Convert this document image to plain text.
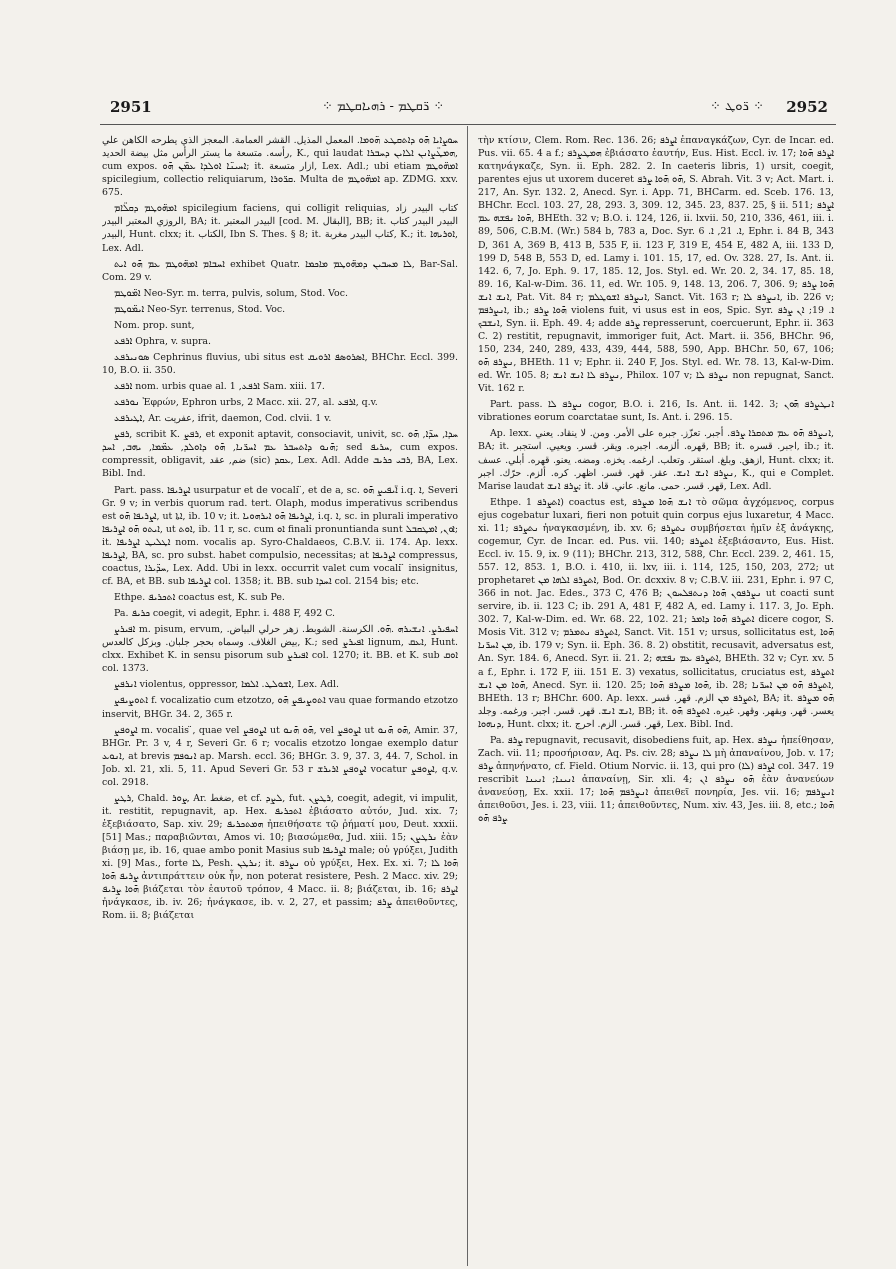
2951	⁘ ܪ̈ܩܛܡ - ܪܗܝܐܩܛܡ ⁘	⁘ ܪ̈ܘܛ ⁘ 2952

ܚܘܨܐܝܐ ܗ̄ܘ ܕܐܬܩܛܥ ܗ̈ܘܡܐ. المعمل المذيل. القشر العمامة. المعجز الذي يطرحه الكاهن علي رأسه. متسعة ما يستر الرأس مثل بيضة الحديد, K., qui laudat ܗܡܛ̈ܨܐܢܢ ܐܠܐܝܢ ܕܚܒܪܐ, cum expos. ܐܚܝܢ̈ܐ ܐܘܠܕܐ ܥܡ̈ܢ ܗ̄ܘ; it. ازار متسعة, Lex. Adl.; ubi etiam ܐܡܗ̈ܘܛܡ spicilegium, collectio reliquiarum, ܩܪ̈ܘܪܐ. Multa de ܐܡܗ̈ܘܛܡ ap. ZDMG. xxv. 675.

ܐܡܗ̈ܘܛܡ ܕܩܠ̈ܐܡ spicilegium faciens, qui colligit reliquias, كتاب البيدر زاد الروزي المعتبر البيدر, BA; it. البيدر المعتبر [cod. M. البقال], BB; it. البيدر البيدر كتاب البيدر, Hunt. clxx; it. الكتاب, Ibn S. Thes. § 8; it. كتاب البيدر مغربة, K.; it. ܐܘܪܝܗܐ, Lex. Adl.

ܐܚܒܐܡ ܐܡܗ̈ܘܛܡ ܥܡ ܗ̄ܘ ܐܝܬ exhibet Quatr. ܠܐ ܡܚܒܝܢ ܕܡܗ̈ܘܛܡ ܡܐܟܡܐ, Bar-Sal. Com. 29 v.

ܐܡ̈ܘܛܡ Neo-Syr. m. terra, pulvis, solum, Stod. Voc.

ܐܝܡ̈ܘܛܡ Neo-Syr. terrenus, Stod. Voc.

Nom. prop. sunt,

ܐܪܦܥ Ophra, v. supra.

ܣܘܢܝܪܦܥ Cephrinus fluvius, ubi situs est ܐܣܪܘܣܦ ܐܪܘܝܩ, BHChr. Eccl. 399. 10, B.O. ii. 350.

ܐܪܦܥ nom. urbis quae al. ܐܪܦܥ, 1 Sam. xiii. 17.

ܢܘܪܦܥ Ἐφρών, Ephron urbs, 2 Macc. xii. 27, al. ܐܪܦܥ, q.v.

ܐܛܝܪܦܥ, Ar. عفريت, ifrit, daemon, Cod. clvii. 1 v.

ܪܦܨ, scribit K. ܪܦܨ, et exponit aptavit, consociavit, univit, sc. ܚܕܐ, ܚܕ̈ܐ, ܗ̄ܘ ܗ̄ܢܘ ܕܐܬܚܒܪ ܥܡ ܐܚܪ̈ܢܐ, ܗ̄ܘ ܕܐܘܠܕ, ܥܡ̈ܡܐ, ܝܗܒ, ܐܚܕ; sed ܚܪܝܦ, cum expos. compressit, obligavit, ضم, عقد (sic) ܥܩܕ, Lex. Adl. Adde ܪܒܝ ܟܪܝܒ, BA, Lex. Bibl. Ind.

Part. pass. ܐܨܪܝܦܐ usurpatur et de vocali ̈, et de a, sc. ܐ̈ܝܦܝܨ ܗ̄ܘ i.q. ܐ, Severi Gr. 9 v; in verbis quorum rad. tert. Olaph, modus imperativus scribendus est ܐܨܪܝܦܐ ܗ̄ܘ, ut ܐܬܐ, ib. 10 v; it. ܐܨܪܝܦܐ ܗ̄ܘ ܐܝܪܗܘܝܐ, i.q. ܐ, sc. in plurali imperativo ܐܝܬܘ ܗ̄ܘ ܐܨܪܝܦܐ, ut ܐܘܬ, ib. 11 r, sc. cum ܐܘ finali pronuntianda sunt ܐܘܢ, ܐܡܛܩܒܠ; it. ܐܛܠܝܛ ܐܨܪܝܦܐ nom. vocalis ap. Syro-Chaldaeos, C.B.V. ii. 174. Ap. lexx. ܐܨܪܝܦܐ, BA, sc. pro subst. habet compulsio, necessitas; at ܐܨܪܝܦܐ compressus, coactus, ܚܕ̈ܝܪܐ, Lex. Add. Ubi in lexx. occurrit valet cum vocali ̈ insignitus, cf. BA, et BB. sub ܐܨܪܝܦܐ col. 1358; it. BB. sub ܐܚܕܐ col. 2154 bis; etc.

Ethpe. ܐܬܟܪܝܦ coactus est, K. sub Pe.

Pa. ܟܪܝܦ coegit, vi adegit, Ephr. i. 488 F, 492 C.

ܐܦܝܪܨ m. pisum, ervum, ܐܚܦܝܪܨ. ܐܢܫܝܪܗ .ܗ̄ܘ. الكرسنة. الشوبط. زهر حرلي البياض. بيض الغلاف. وسماه بحجر جلبان. وبزكل كالعدس, K.; sed ܐܦܝܪܨ lignum, ܐܥܩ, Hunt. clxx. Exhibet K. in sensu pisorum sub ܐܦܝܪܨ col. 1270; it. BB. et K. sub ܐܘܩ col. 1373.

ܐܢܪܦܨ violentus, oppressor, ܐܫܘܠܛ. ܐܠܡܐ, Lex. Adl.

ܐܬܘܨܝܦܨ f. vocalizatio cum etzotzo, ܐܬܘܨܝܦܨ ܗ̄ܘ vau quae formando etzotzo inservit, BHGr. 34. 2, 365 r.

ܐܨܘܦܨ m. vocalis ̈, quae vel ܐܨܘܦܨ ut ܗ̄ܘ ܗ̄ܢܘ, vel ܐܨܘܦܨ ut ܗ̄ܘ ܗ̄ܢܘ, Amir. 37, BHGr. Pr. 3 v, 4 r, Severi Gr. 6 r; vocalis etzotzo longae exemplo datur ܐܢܘܥ, at brevis ܐܢܘܦܡ ap. Marsh. eccl. 36; BHGr. 3. 9, 37. 3, 44. 7, Schol. in Job. xl. 21, xli. 5, 11. Apud Severi Gr. 53 r ܐܨܘܦܨ ܐܪܝܪܫ vocatur ܐܨܘܦܨ, q.v. col. 2918.

ܪܛܨ, Chald. ܨܘܪ, Ar. ضغط, et cf. ܠܨܕ, fut. ܪܛܨܢ, coegit, adegit, vi impulit, it. restitit, repugnavit, ap. Hex. ܐܬܟܪܝܦ ἐβιάσατο αὐτόν, Jud. xix. 7; ἐξεβιάσατο, Sap. xiv. 29; ܗܡܬܟܪܝܦ ἠπειθήσατε τῷ ῥήματί μου, Deut. xxxii. [51] Mas.; παραβιῶνται, Amos vi. 10; βιασώμεθα, Jud. xiii. 15; ܢܪܛܨܢ ἐὰν βιάσῃ με, ib. 16, quae ambo ponit Masius sub ܐܨܪܝܦܐ male; οὐ γρύξει, Judith xi. [9] Mas., forte ܠܐ, Pesh. ܢܪܛܢ; it. ܢܨܪܦ οὐ γρύξει, Hex. Ex. xi. 7; ܗ̄ܘܐ ܠܐ ܨܪܝܦ ܗ̄ܘܐ ἀντιπράττειν οὐκ ἦν, non poterat resistere, Pesh. 2 Macc. xiv. 29; ܗ̄ܘܐ ܨܪܝܦ βιάζεται τὸν ἑαυτοῦ τρόπον, 4 Macc. ii. 8; βιάζεται, ib. 16; ܐܨܪܦ ἠνάγκασε, ib. iv. 26; ἠνάγκασε, ib. v. 2, 27, et passim; ܨܪܦ ἀπειθοῦντες, Rom. ii. 8; βιάζεται

τὴν κτίσιν, Clem. Rom. Rec. 136. 26; ܐܨܪܦ ἐπαναγκάζων, Cyr. de Incar. ed. Pus. vii. 65. 4 a f.; ܗܡܛܨܪܦ ἐβιάσατο ἑαυτήν, Eus. Hist. Eccl. iv. 17; ܐܨܪܦ ܗ̄ܘܐ κατηνάγκαζε, Syn. ii. Eph. 282. 2. In caeteris libris, 1) ursit, coegit, parentes ejus ut uxorem duceret ܗ̄ܘ ܗ̄ܘܐ ܨܪܦ, S. Abrah. Vit. 3 v; Act. Mart. i. 217, An. Syr. 132. 2, Anecd. Syr. i. App. 71, BHCarm. ed. Sceb. 176. 13, BHChr. Eccl. 103. 27, 28, 293. 3, 309. 12, 345. 23, 837. 25, § ii. 511; ܐܨܪܦ ܗ̄ܘܐ ܢܦܫܗ ܥܡ, BHEth. 32 v; B.O. i. 124, 126, ii. lxvii. 50, 210, 336, 461, iii. i. 89, 506, C.B.M. (Wr.) 584 b, 783 a, Doc. Syr. ܐ. 21, ܐ. 6, Ephr. i. 84 B, 343 D, 361 A, 369 B, 413 B, 535 F, ii. 123 F, 319 E, 454 E, 482 A, iii. 133 D, 199 D, 548 B, 553 D, ed. Lamy i. 101. 15, 17, ed. Ov. 328. 27, Is. Ant. ii. 142. 6, 7, Jo. Eph. 9. 17, 185. 12, Jos. Styl. ed. Wr. 20. 2, 34. 17, 85. 18, 89. 16, Kal-w-Dim. 36. 11, ed. Wr. 105. 9, 148. 13, 206. 7, 306. 9; ܗ̄ܘܐ ܨܪܦ ܐܢܫ ܐܢܫ, Pat. Vit. 84 r; ܐܢܨܪܦ ܐܫܘܛܠܡ, Sanct. Vit. 163 r; ܐܢܨܪܦ ܠܐ, ib. 226 v; ܐܢܨܪܦܡ, ib.; ܗ̄ܘܐ ܨܪܦ violens fuit, vi usus est in eos, Spic. Syr. ܐ. 19; ܐܢ ܨܪܦ ܐܢܫܒܟ, Syn. ii. Eph. 49. 4; adde ܨܪܦ represserunt, coercuerunt, Ephr. ii. 363 C. 2) restitit, repugnavit, immoriger fuit, Act. Mart. ii. 356, BHChr. 96, 150, 234, 240, 289, 433, 439, 444, 588, 590, App. BHChr. 50, 67, 106; ܢܨܪܦ ܗ̄ܘ, BHEth. 11 v; Ephr. ii. 240 F, Jos. Styl. ed. Wr. 78. 13, Kal-w-Dim. ed. Wr. 105. 8; ܢܨܪܦ ܠܐ ܐܢܫ ܐܢܫ, Philox. 107 v; ܢܨܪܦ ܠܐ non repugnat, Sanct. Vit. 162 r.

Part. pass. ܢܨܪܦ ܠܐ cogor, B.O. i. 216, Is. Ant. ii. 142. 3; ܐܢܛܨܪܦ ܗ̄ܘܢ vibrationes eorum coarctatae sunt, Is. Ant. i. 296. 15.

Ap. lexx. ܐܢܨܪܦ ܗ̄ܘ ܥܡ ܡܬܩܪܐ ܨܪܦ. أجبر. تعزّز. جبره على الأمر. ومن. لا ينقاد. يعني, BA; it. قهره. ألزمه. اجبره. ويقر. قسر. ويعيي. استجبر, BB; it. اجبر. قسره, ib.; it. ازهق. وبلغ. استقر. وتعلب. ارغمه. يخزه. ومضه. يعنو. قهره. أبلي. عسف, Hunt. clxx; it. ܢܨܪܦ ܐܢܫ ܐܢܫ. عقر. قهر. قسر. اظهر. كره. ألزم. حرّك. اجبر, K., qui e Complet. Marise laudat ܨܪܦ ܐܢܫ; it. قهر. قسر. حمى. مانع. عاني. قاد, Lex. Adl.

Ethpe. ܐܬܨܪܦ 1) coactus est, ܐܢܫ ܗ̄ܘܐ ܡܨܪܦ τὸ σῶμα ἀγχόμενος, corpus ejus cogebatur luxari, fieri non potuit quin corpus ejus luxaretur, 4 Macc. xi. 11; ܢܬܨܪܦ ἠναγκασμένη, ib. xv. 6; ܢܬܨܪܦ συμβήσεται ἡμῖν ἐξ ἀνάγκης, cogemur, Cyr. de Incar. ed. Pus. vii. 140; ܐܬܨܪܦ ἐξεβιάσαντο, Eus. Hist. Eccl. iv. 15. 9, ix. 9 (11); BHChr. 213, 312, 588, Chr. Eccl. 239. 2, 461. 15, 557. 12, 853. 1, B.O. i. 410, ii. lxv, iii. i. 114, 125, 150, 203, 272; ut prophetaret ܐܬܨܪܦ ܐܠܗܐ ܡܢ, Bod. Or. dcxxiv. 8 v; C.B.V. iii. 231, Ephr. i. 97 C, 366 in not. Jac. Edes., 373 C, 476 B; ܢܨܪܦܘܢ ܗ̄ܘܐ ܕܢܬܦܠܚܘܢ ut coacti sunt servire, ib. ii. 123 C; ib. 291 A, 481 F, 482 A, ed. Lamy i. 117. 3, Jo. Eph. 302. 7, Kal-w-Dim. ed. Wr. 68. 22, 102. 21; ܐܬܨܪܦ ܗ̄ܘܐ ܕܐܡܪ dicere cogor, S. Mosis Vit. 312 v; ܐܬܨܪܦ ܢܬܡܪܡ, Sanct. Vit. 151 v; ursus, sollicitatus est, ܗ̄ܘܐ ܡܢ ܐܚܪ̈ܢܐ, ib. 179 v; Syn. ii. Eph. 36. 8. 2) obstitit, recusavit, adversatus est, An. Syr. 184. 6, Anecd. Syr. ii. 21. 2; ܐܬܨܪܦ ܥܡ ܢܦܫܗ, BHEth. 32 v; Cyr. xv. 5 a f., Ephr. i. 172 F, iii. 151 E. 3) vexatus, sollicitatus, cruciatus est, ܐܬܨܪܦ ܗ̄ܘܐ ܡܢ ܐܢܫ, Anecd. Syr. ii. 120. 25; ܗ̄ܘܐ ܡܨܪܦ ܗ̄ܘܐ, ib. 28; ܐܬܨܪܦ ܗ̄ܘ ܡܢ ܐܚܪ̈ܢܐ, BHEth. 13 r; BHChr. 600. Ap. lexx. ܐܬܨܪܦ ܡܢ الزم. قهر. قسر, BA; it. ܗ̄ܘ ܡܨܪܦ ܐܢܫ ܐܢܫ. قهر. قسر. اجبر. ورغمه. وجلد, BB; it. يعسر. قهر. وبقهر. وقهر. غيره. ܐܬܨܪܦ ܗ̄ܘ ܕܢܗܘܐ, Hunt. clxx; it. قهر. قسر. الزم. احرج, Lex. Bibl. Ind.

Pa. ܨܪܦ repugnavit, recusavit, disobediens fuit, ap. Hex. ܢܨܪܦ ἠπείθησαν, Zach. vii. 11; προσήρισαν, Aq. Ps. civ. 28; ܠܐ ܢܨܪܦ μὴ ἀπαναίνου, Job. v. 17; ܨܪܦ ἀπηνήνατο, cf. Field. Otium Norvic. ii. 13, qui pro ܐܨܪܦ (ܠܐ) col. 347. 19 rescribit ܐܢܝܢܐ; ܐܢܝܢܐ ἀπαναίνῃ, Sir. xli. 4; ܗ̄ܘ ܢܨܪܦ ܐܢ ἐὰν ἀνανεύων ἀνανεύσῃ, Ex. xxii. 17; ܐܢܨܪܦܡ ܗ̄ܘܐ ἀπειθεῖ πονηρία, Jes. vii. 16; ܐܢܨܪܦܡ ἀπειθοῦσι, Jes. i. 23, viii. 11; ἀπειθοῦντες, Num. xiv. 43, Jes. iii. 8, etc.; ܗ̄ܘܐ ܨܪܦ ܗ̄ܘ
